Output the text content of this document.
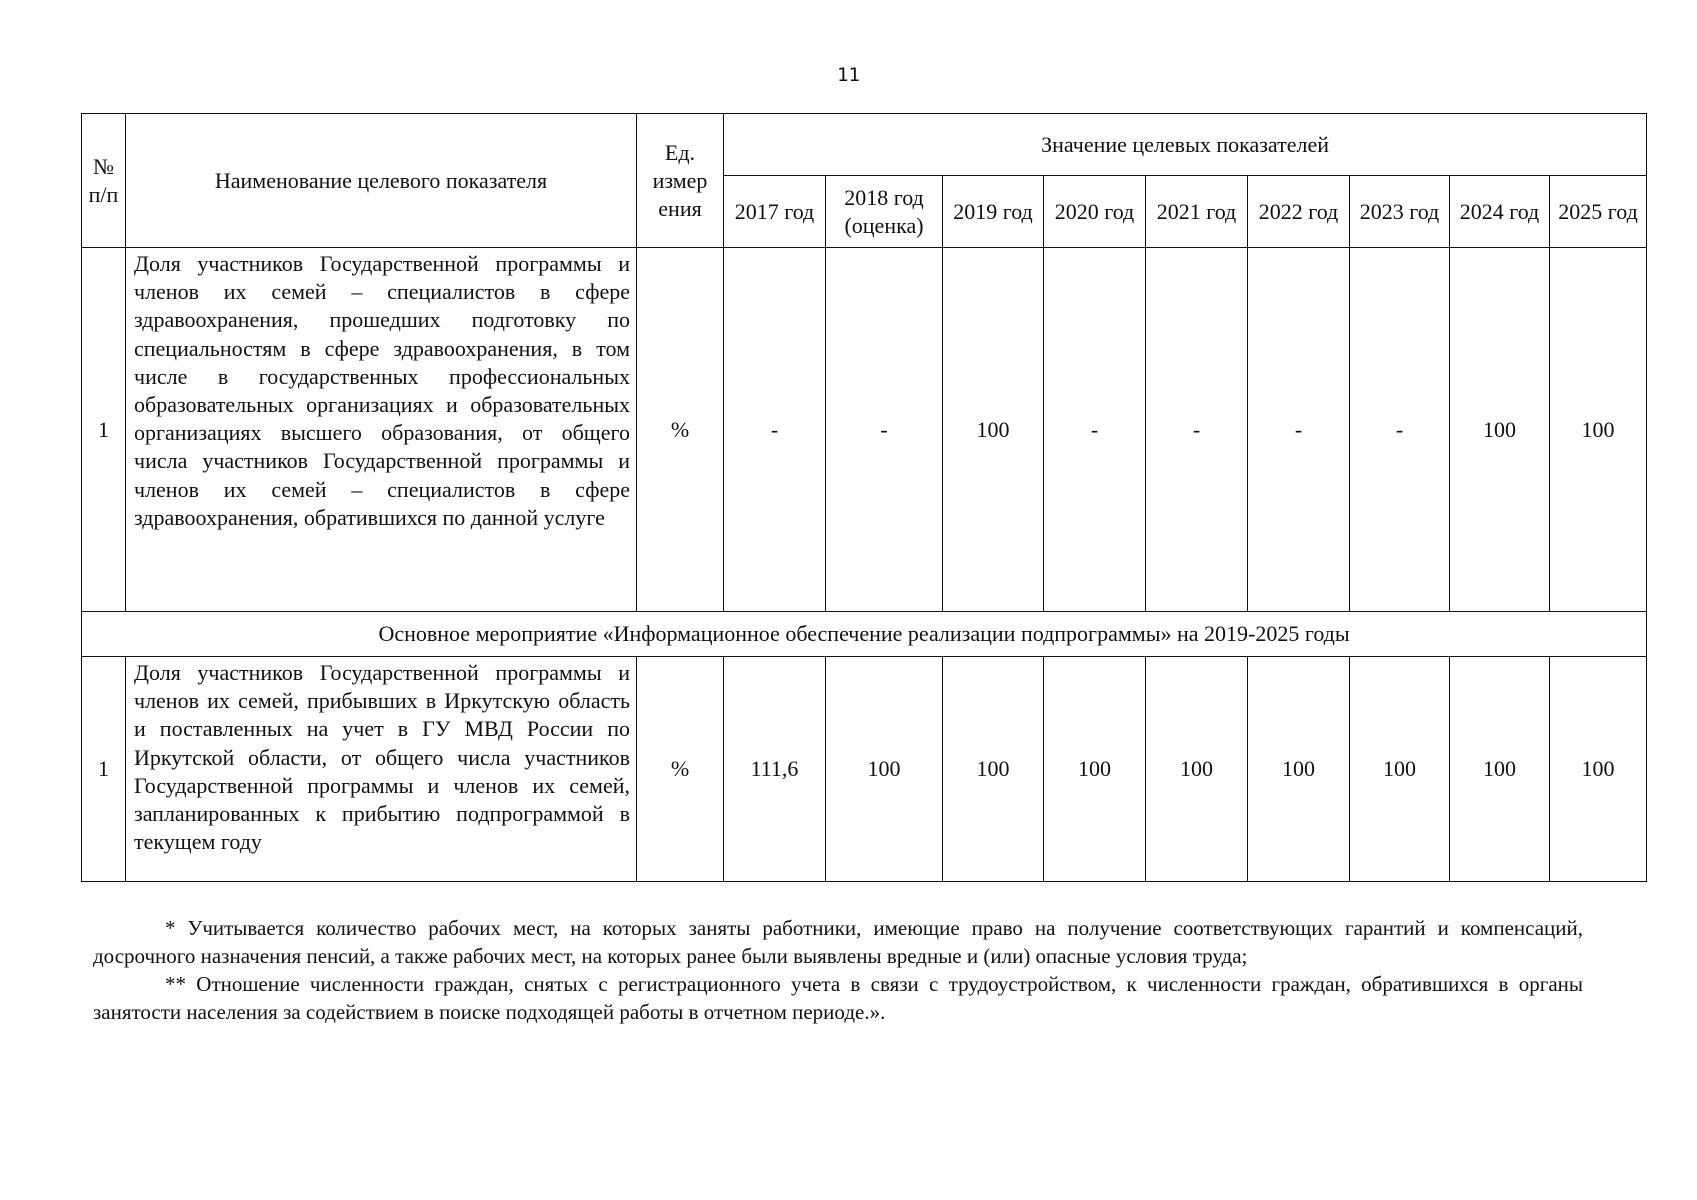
11
№ п/п	Наименование целевого показателя	Ед. измер ения	Значение целевых показателей								
			2017 год	2018 год (оценка)	2019 год	2020 год	2021 год	2022 год	2023 год	2024 год	2025 год
1	Доля участников Государственной программы и членов их семей – специалистов в сфере здравоохранения, прошедших подготовку по специальностям в сфере здравоохранения, в том числе в государственных профессиональных образовательных организациях и образовательных организациях высшего образования, от общего числа участников Государственной программы и членов их семей – специалистов в сфере здравоохранения, обратившихся по данной услуге	%	-	-	100	-	-	-	-	100	100
Основное мероприятие «Информационное обеспечение реализации подпрограммы» на 2019-2025 годы											
1	Доля участников Государственной программы и членов их семей, прибывших в Иркутскую область и поставленных на учет в ГУ МВД России по Иркутской области, от общего числа участников Государственной программы и членов их семей, запланированных к прибытию подпрограммой в текущем году	%	111,6	100	100	100	100	100	100	100	100

* Учитывается количество рабочих мест, на которых заняты работники, имеющие право на получение соответствующих гарантий и компенсаций, досрочного назначения пенсий, а также рабочих мест, на которых ранее были выявлены вредные и (или) опасные условия труда;

** Отношение численности граждан, снятых с регистрационного учета в связи с трудоустройством, к численности граждан, обратившихся в органы занятости населения за содействием в поиске подходящей работы в отчетном периоде.».
